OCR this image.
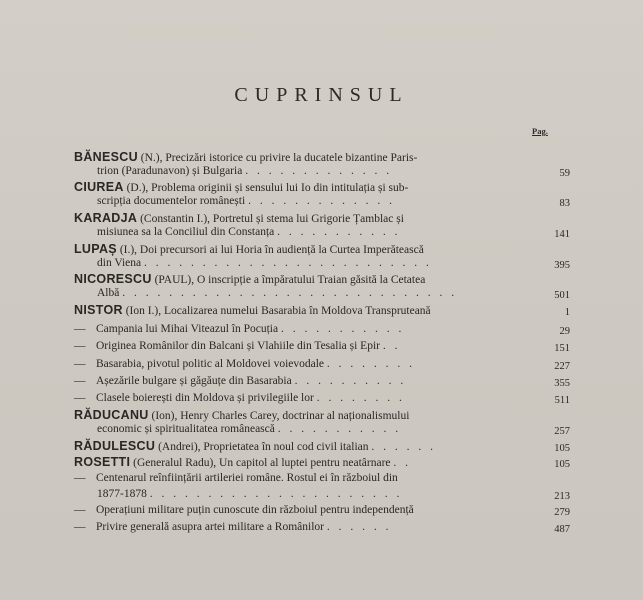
CUPRINSUL
Pag.
BĂNESCU (N.), Precizări istorice cu privire la ducatele bizantine Paris-
trion (Paradunavon) și Bulgaria . . . . . . . . . . . . .	59
CIUREA (D.), Problema originii și sensului lui Io din intitulația și sub-
scripția documentelor românești . . . . . . . . . . . . .	83
KARADJA (Constantin I.), Portretul și stema lui Grigorie Țamblac și
misiunea sa la Conciliul din Constanța . . . . . . . . . . .	141
LUPAȘ (I.), Doi precursori ai lui Horia în audiență la Curtea Imperătească
din Viena . . . . . . . . . . . . . . . . . . . . . . . . .	395
NICORESCU (PAUL), O inscripție a împăratului Traian găsită la Cetatea
Albă . . . . . . . . . . . . . . . . . . . . . . . . . . . . .	501
NISTOR (Ion I.), Localizarea numelui Basarabia în Moldova Transpruteană	1
— Campania lui Mihai Viteazul în Pocuția . . . . . . . . . . .	29
— Originea Românilor din Balcani și Vlahiile din Tesalia și Epir . .	151
— Basarabia, pivotul politic al Moldovei voievodale . . . . . . . .	227
— Așezările bulgare și găgăuțe din Basarabia . . . . . . . . . .	355
— Clasele boierești din Moldova și privilegiile lor . . . . . . . .	511
RĂDUCANU (Ion), Henry Charles Carey, doctrinar al naționalismului
economic și spiritualitatea românească . . . . . . . . . . .	257
RĂDULESCU (Andrei), Proprietatea în noul cod civil italian . . . . . .	105
ROSETTI (Generalul Radu), Un capitol al luptei pentru neatârnare . .	105
— Centenarul reînființării artileriei române. Rostul ei în războiul din
1877-1878 . . . . . . . . . . . . . . . . . . . . . .	213
— Operațiuni militare puțin cunoscute din războiul pentru independență	279
— Privire generală asupra artei militare a Românilor . . . . . .	487
